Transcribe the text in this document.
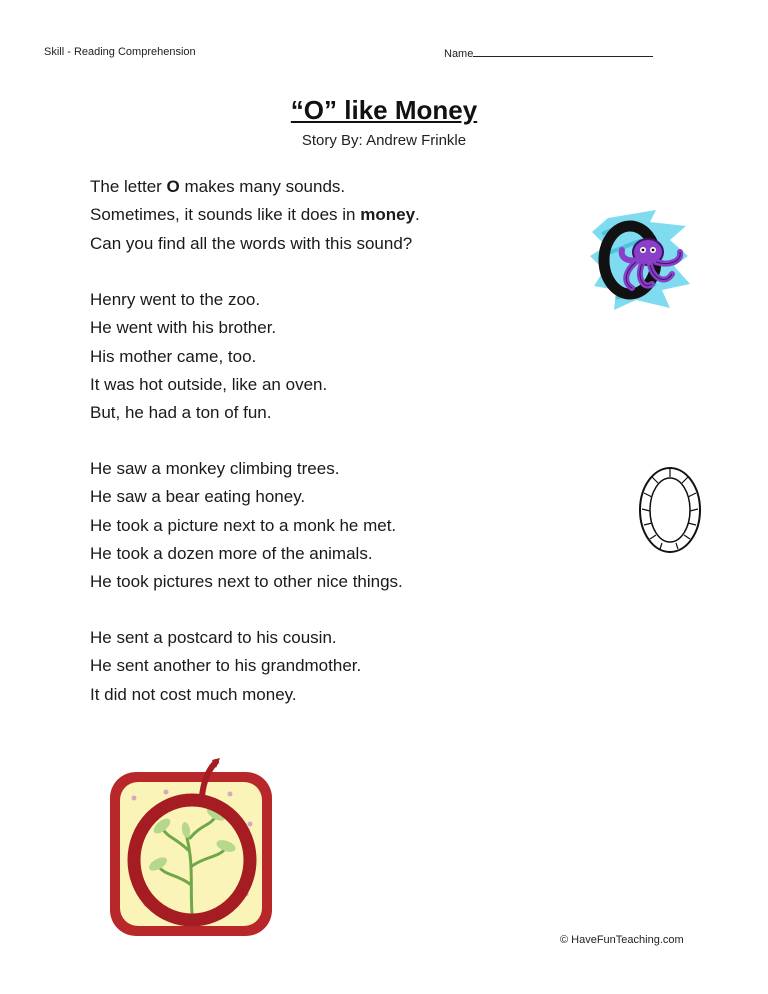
Skill - Reading Comprehension	Name
“O” like Money
Story By: Andrew Frinkle
The letter O makes many sounds.
Sometimes, it sounds like it does in money.
Can you find all the words with this sound?
Henry went to the zoo.
He went with his brother.
His mother came, too.
It was hot outside, like an oven.
But, he had a ton of fun.
He saw a monkey climbing trees.
He saw a bear eating honey.
He took a picture next to a monk he met.
He took a dozen more of the animals.
He took pictures next to other nice things.
He sent a postcard to his cousin.
He sent another to his grandmother.
It did not cost much money.
© HaveFunTeaching.com
